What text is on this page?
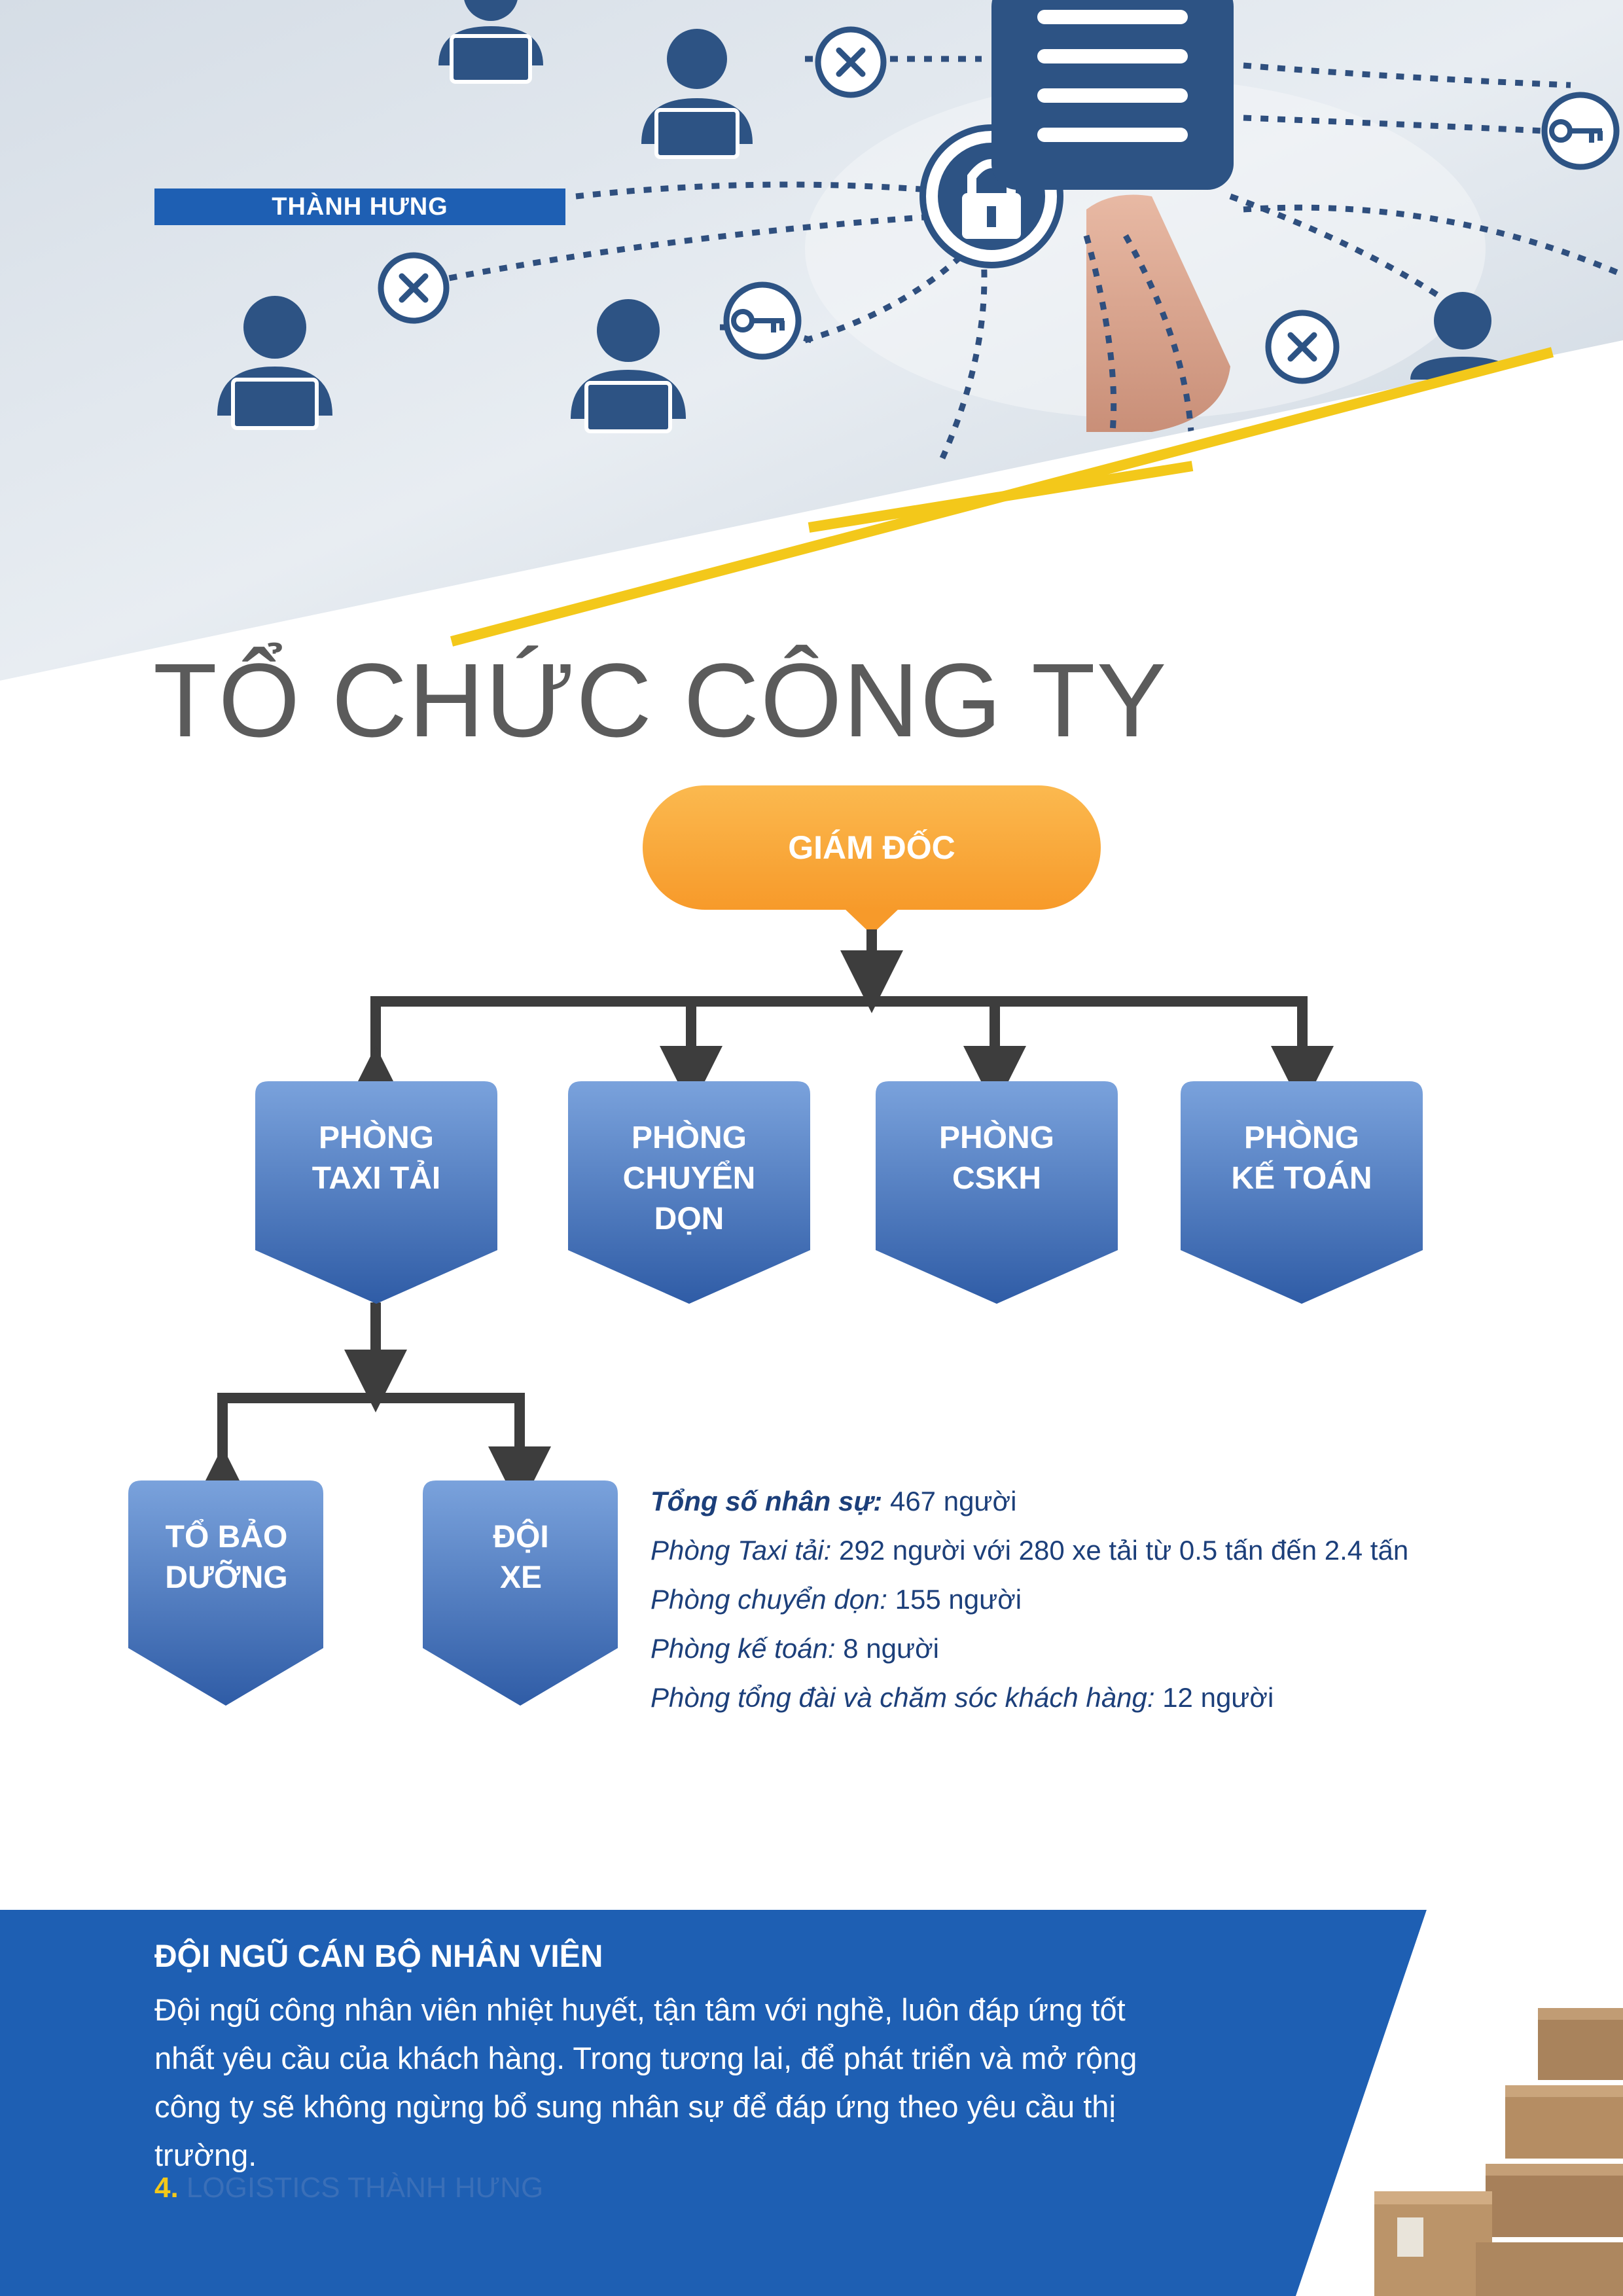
THÀNH HƯNG
TỔ CHỨC CÔNG TY
GIÁM ĐỐC
PHÒNG
TAXI TẢI
PHÒNG
CHUYỂN
DỌN
PHÒNG
CSKH
PHÒNG
KẾ TOÁN
TỔ BẢO
DƯỠNG
ĐỘI
XE
Tổng số nhân sự: 467 người
Phòng Taxi tải: 292 người với 280 xe tải từ 0.5 tấn đến 2.4 tấn
Phòng chuyển dọn: 155 người
Phòng kế toán: 8 người
Phòng tổng đài và chăm sóc khách hàng: 12 người
ĐỘI NGŨ CÁN BỘ NHÂN VIÊN

Đội ngũ công nhân viên nhiệt huyết, tận tâm với nghề, luôn đáp ứng tốt nhất yêu cầu của khách hàng. Trong tương lai, để phát triển và mở rộng công ty sẽ không ngừng bổ sung nhân sự để đáp ứng theo yêu cầu thị trường.

4. LOGISTICS THÀNH HƯNG
